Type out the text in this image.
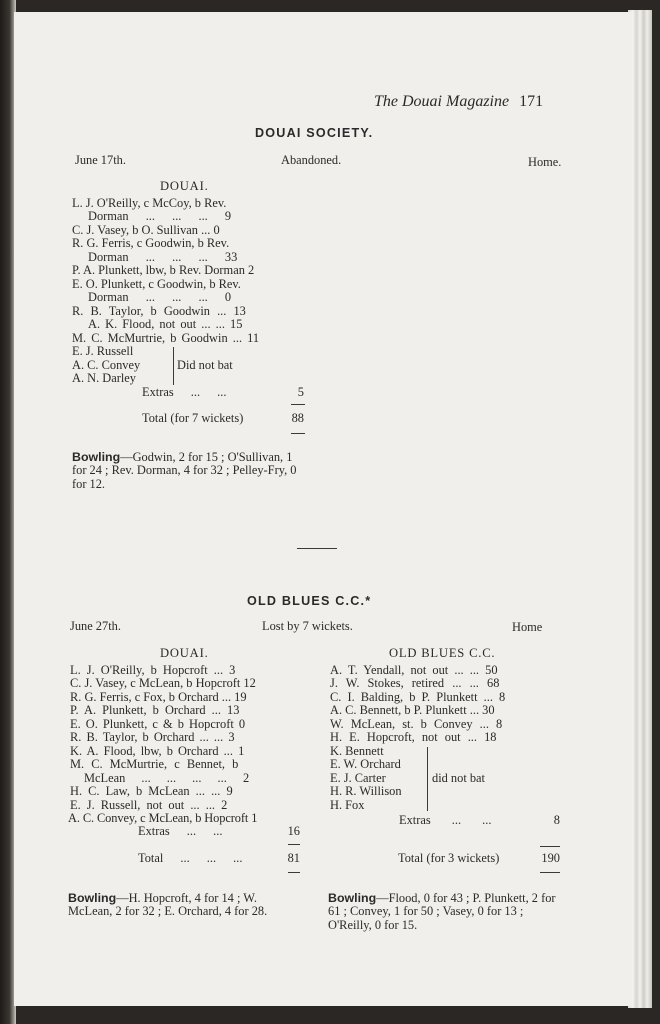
The Douai Magazine 171
DOUAI SOCIETY.
June 17th.	Abandoned.	Home.
DOUAI.
L. J. O'Reilly, c McCoy, b Rev.
Dorman ... ... ... 9
C. J. Vasey, b O. Sullivan ... 0
R. G. Ferris, c Goodwin, b Rev.
Dorman ... ... ... 33
P. A. Plunkett, lbw, b Rev. Dorman 2
E. O. Plunkett, c Goodwin, b Rev.
Dorman ... ... ... 0
R. B. Taylor, b Goodwin ... 13
A. K. Flood, not out ... ... 15
M. C. McMurtrie, b Goodwin ... 11
E. J. Russell
A. C. Convey
A. N. Darley
Did not bat
Extras ... ...	5
Total (for 7 wickets)	88
Bowling—Godwin, 2 for 15 ; O'Sullivan, 1 for 24 ; Rev. Dorman, 4 for 32 ; Pelley-Fry, 0 for 12.
OLD BLUES C.C.*
June 27th.	Lost by 7 wickets.	Home
DOUAI.
L. J. O'Reilly, b Hopcroft ... 3
C. J. Vasey, c McLean, b Hopcroft 12
R. G. Ferris, c Fox, b Orchard ... 19
P. A. Plunkett, b Orchard ... 13
E. O. Plunkett, c & b Hopcroft 0
R. B. Taylor, b Orchard ... ... 3
K. A. Flood, lbw, b Orchard ... 1
M. C. McMurtrie, c Bennet, b
McLean ... ... ... ... 2
H. C. Law, b McLean ... ... 9
E. J. Russell, not out ... ... 2
A. C. Convey, c McLean, b Hopcroft 1
Extras ... ...	16
Total ... ... ...	81
Bowling—H. Hopcroft, 4 for 14 ; W. McLean, 2 for 32 ; E. Orchard, 4 for 28.
OLD BLUES C.C.
A. T. Yendall, not out ... ... 50
J. W. Stokes, retired ... ... 68
C. I. Balding, b P. Plunkett ... 8
A. C. Bennett, b P. Plunkett ... 30
W. McLean, st. b Convey ... 8
H. E. Hopcroft, not out ... 18
K. Bennett
E. W. Orchard
E. J. Carter
H. R. Willison
H. Fox
did not bat
Extras ... ...	8
Total (for 3 wickets)	190
Bowling—Flood, 0 for 43 ; P. Plunkett, 2 for 61 ; Convey, 1 for 50 ; Vasey, 0 for 13 ; O'Reilly, 0 for 15.
